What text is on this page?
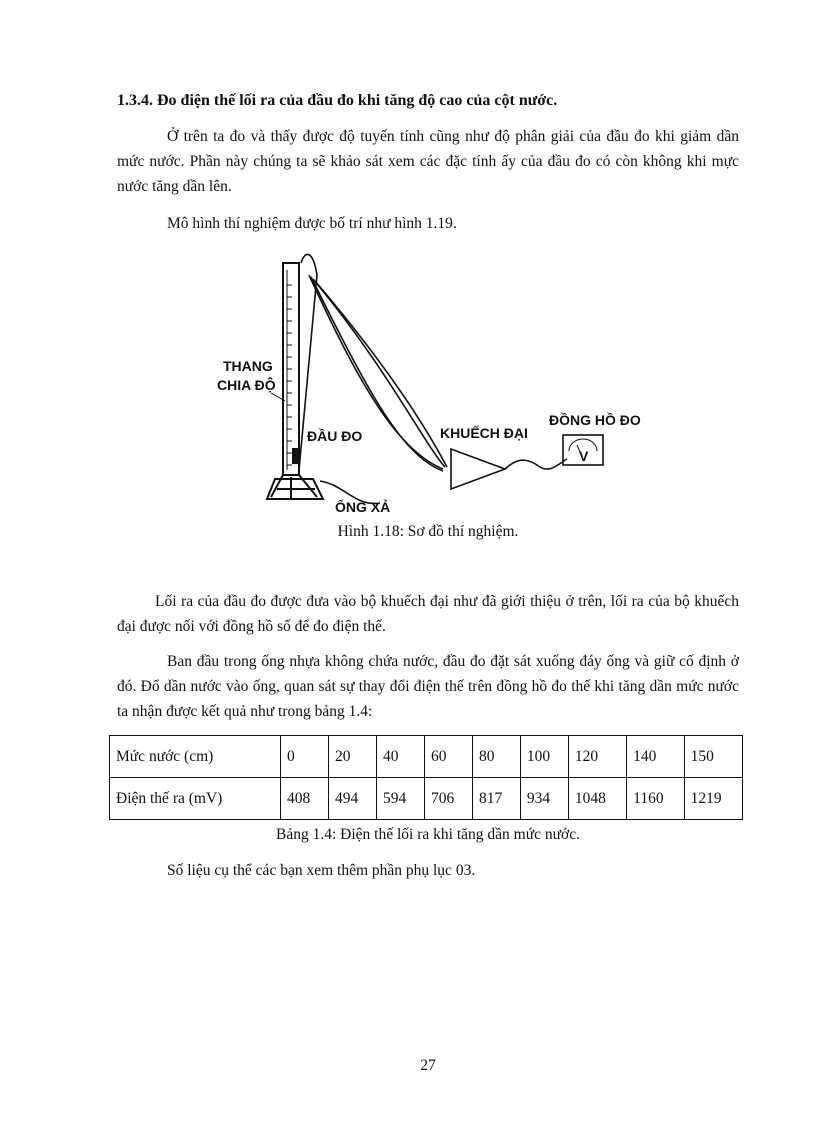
1.3.4. Đo điện thế lối ra của đầu đo khi tăng độ cao của cột nước.

Ở trên ta đo và thấy được độ tuyến tính cũng như độ phân giải của đầu đo khi giảm dần mức nước. Phần này chúng ta sẽ khảo sát xem các đặc tính ấy của đầu đo có còn không khi mực nước tăng dần lên.

Mô hình thí nghiệm được bố trí như hình 1.19.

V
THANG
CHIA ĐỘ
ĐẦU ĐO	KHUẾCH ĐẠI
ĐỒNG HỒ ĐO
ỐNG XẢ
Hình 1.18: Sơ đồ thí nghiệm.

Lối ra của đầu đo được đưa vào bộ khuếch đại như đã giới thiệu ở trên, lối ra của bộ khuếch đại được nối với đồng hồ số để đo điện thế.

Ban đầu trong ống nhựa không chứa nước, đầu đo đặt sát xuống đáy ống và giữ cố định ở đó. Đổ dần nước vào ống, quan sát sự thay đổi điện thế trên đồng hồ đo thế khi tăng dần mức nước ta nhận được kết quả như trong bảng 1.4:

Mức nước (cm)	0	20	40	60	80	100	120	140	150
Điện thế ra (mV)	408	494	594	706	817	934	1048	1160	1219
Bảng 1.4: Điện thế lối ra khi tăng dần mức nước.

Số liệu cụ thể các bạn xem thêm phần phụ lục 03.

27
